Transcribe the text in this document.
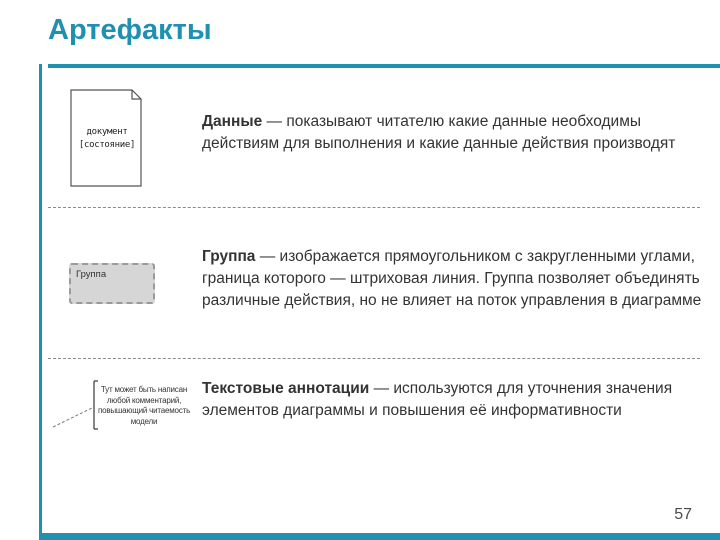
Артефакты
документ
[состояние]
Данные — показывают читателю какие данные необходимы действиям для выполнения и какие данные действия производят
Группа
Группа — изображается прямоугольником с закругленными углами, граница которого — штриховая линия. Группа позволяет объединять различные действия, но не влияет на поток управления в диаграмме
Тут может быть написан любой комментарий, повышающий читаемость модели
Текстовые аннотации — используются для уточнения значения элементов диаграммы и повышения её информативности
57
